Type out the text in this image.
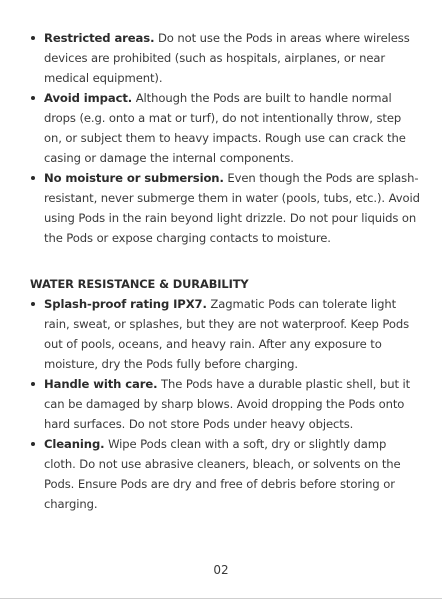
Restricted areas. Do not use the Pods in areas where wireless devices are prohibited (such as hospitals, airplanes, or near medical equipment).
Avoid impact. Although the Pods are built to handle normal drops (e.g. onto a mat or turf), do not intentionally throw, step on, or subject them to heavy impacts. Rough use can crack the casing or damage the internal components.
No moisture or submersion. Even though the Pods are splash-resistant, never submerge them in water (pools, tubs, etc.). Avoid using Pods in the rain beyond light drizzle. Do not pour liquids on the Pods or expose charging contacts to moisture.
WATER RESISTANCE & DURABILITY
Splash-proof rating IPX7. Zagmatic Pods can tolerate light rain, sweat, or splashes, but they are not waterproof. Keep Pods out of pools, oceans, and heavy rain. After any exposure to moisture, dry the Pods fully before charging.
Handle with care. The Pods have a durable plastic shell, but it can be damaged by sharp blows. Avoid dropping the Pods onto hard surfaces. Do not store Pods under heavy objects.
Cleaning. Wipe Pods clean with a soft, dry or slightly damp cloth. Do not use abrasive cleaners, bleach, or solvents on the Pods. Ensure Pods are dry and free of debris before storing or charging.
02
